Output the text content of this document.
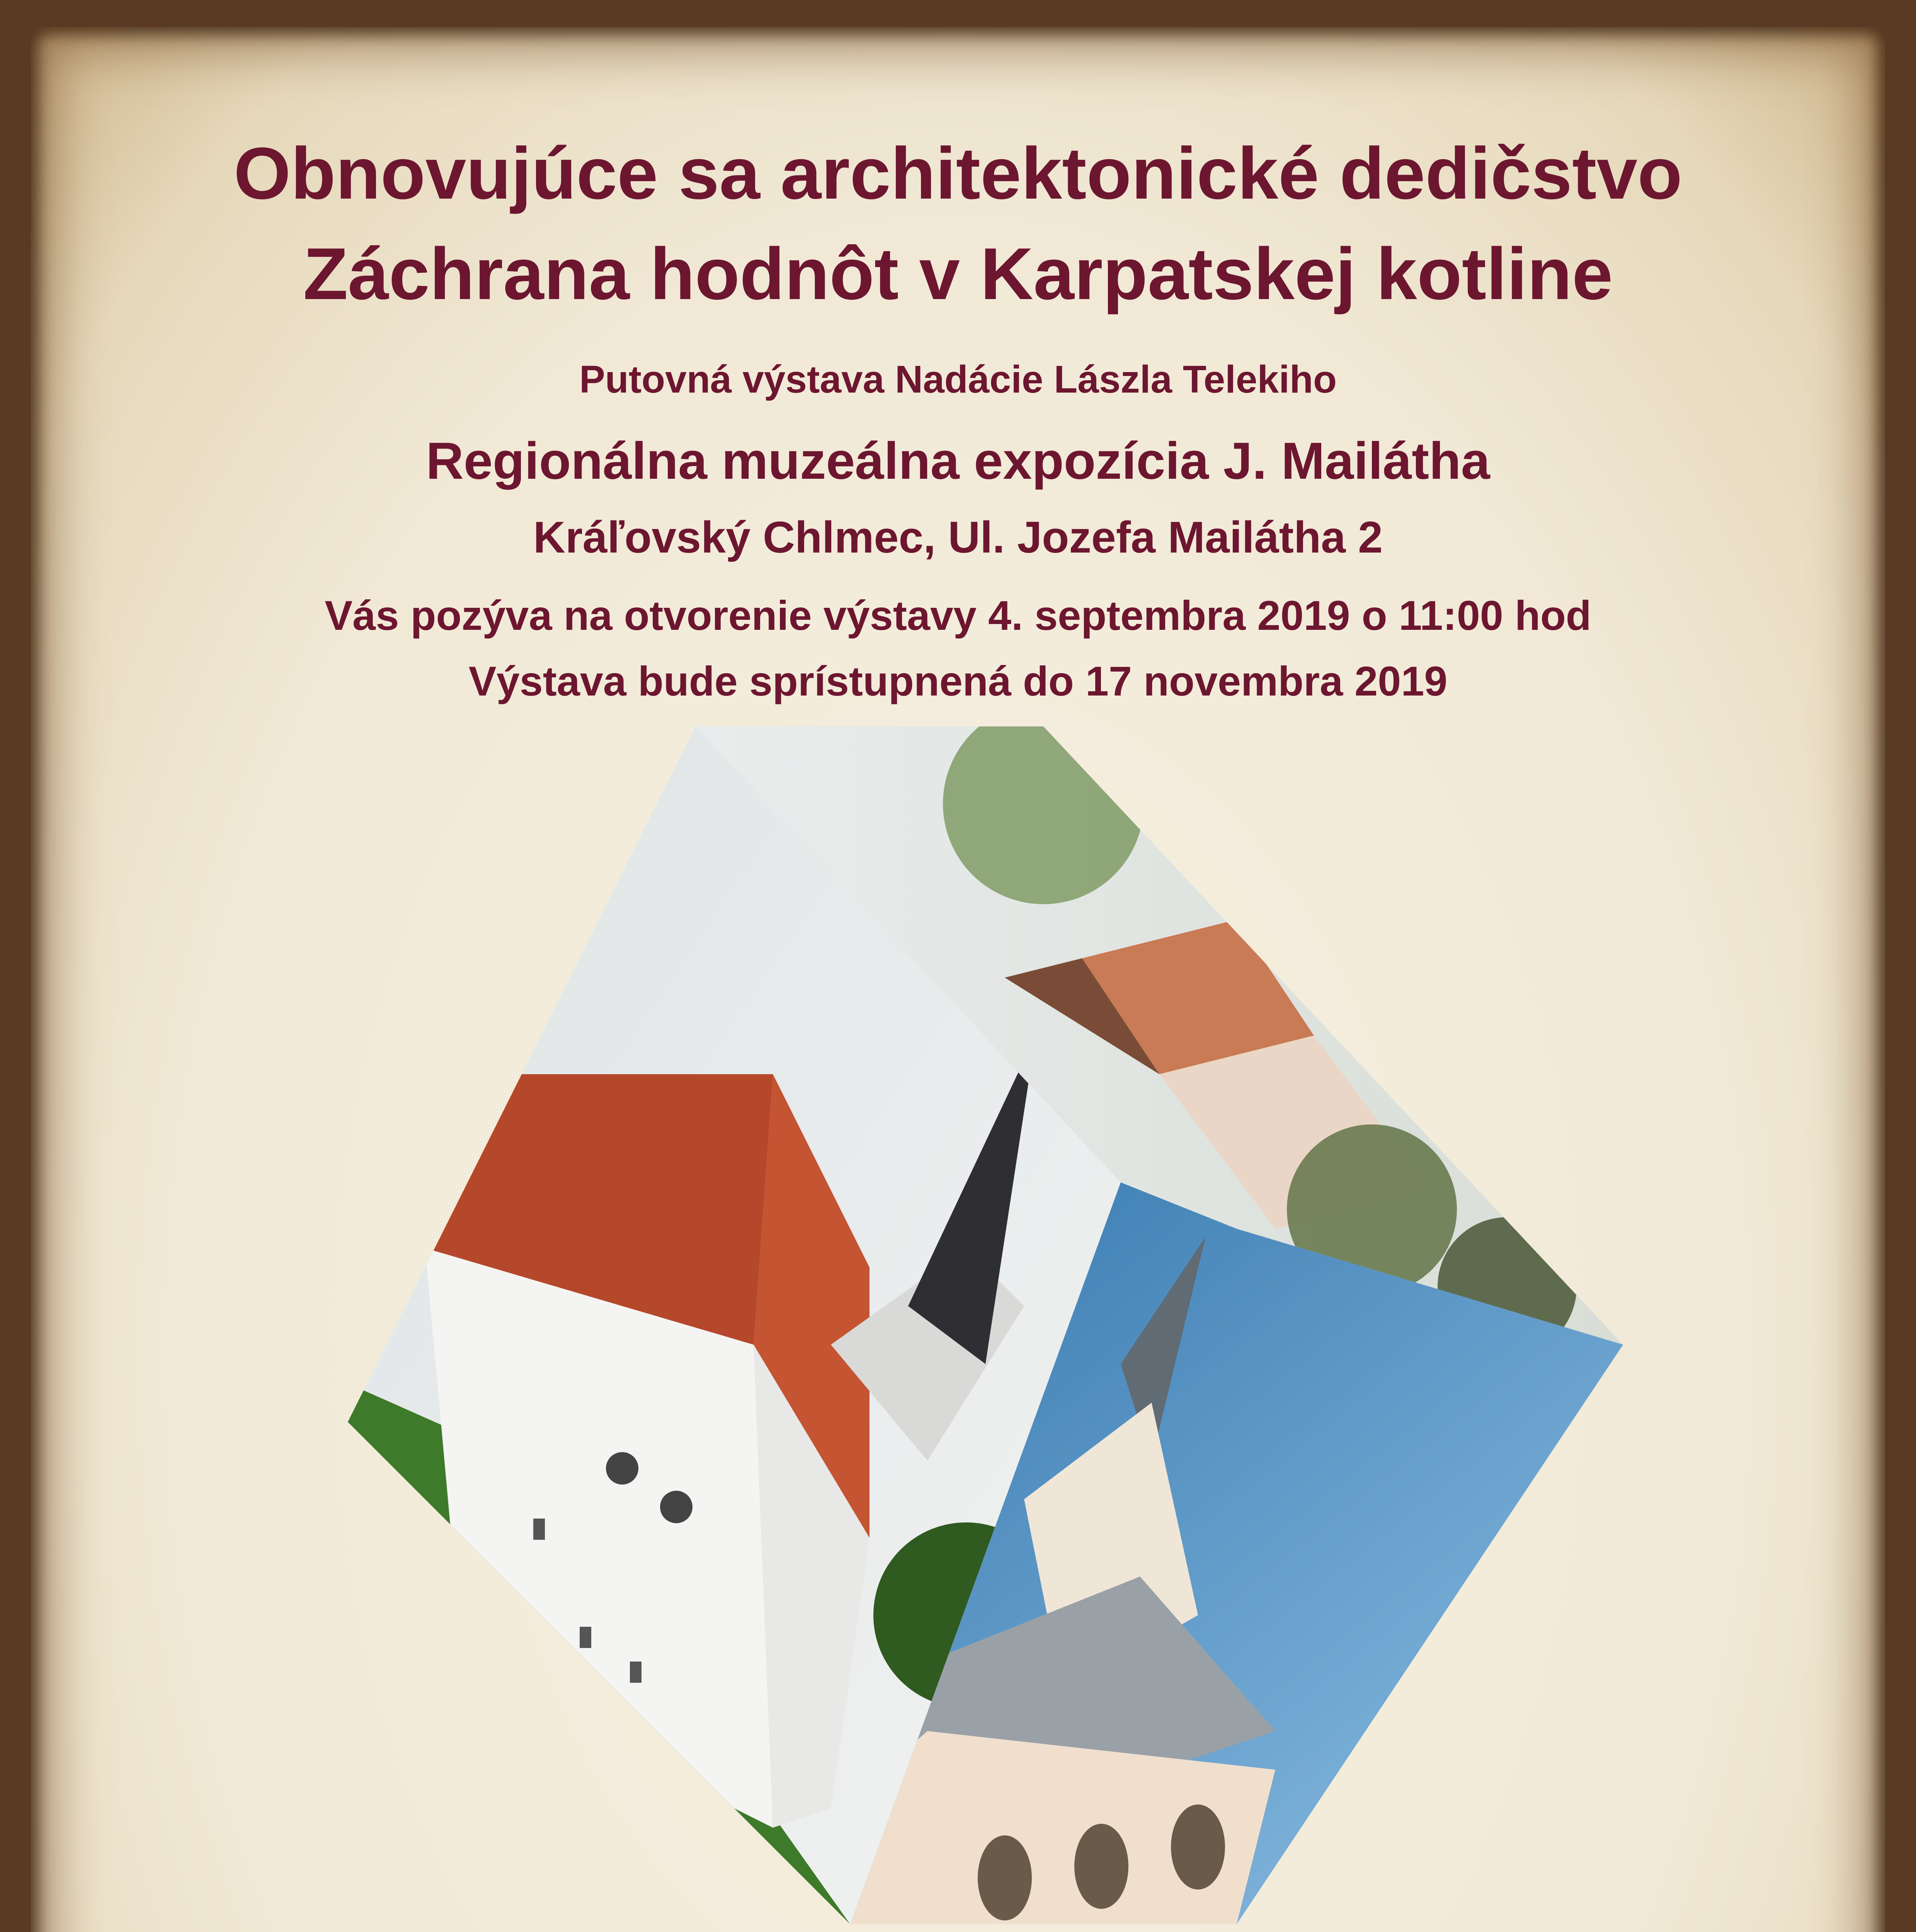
Obnovujúce sa architektonické dedičstvo

Záchrana hodnôt v Karpatskej kotline

Putovná výstava Nadácie Lászla Telekiho

Regionálna muzeálna expozícia J. Mailátha

Kráľovský Chlmec, Ul. Jozefa Mailátha 2

Vás pozýva na otvorenie výstavy 4. septembra 2019 o 11:00 hod

Výstava bude sprístupnená do 17 novembra 2019
